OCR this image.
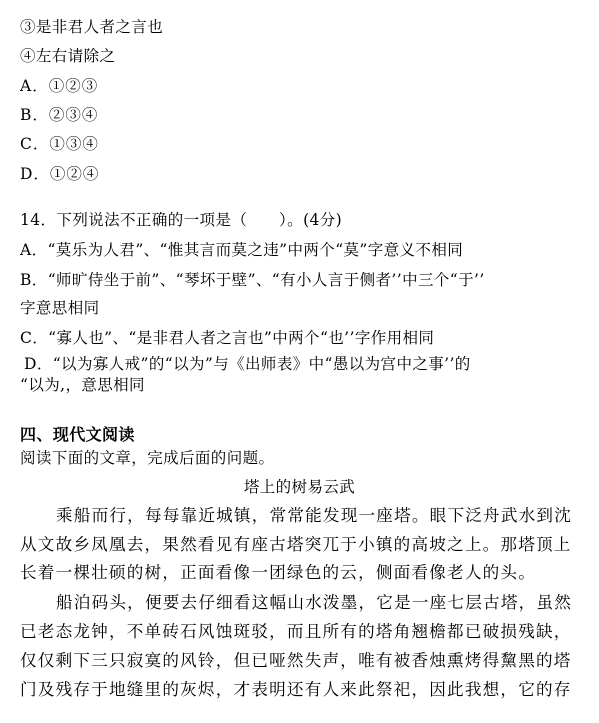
③是非君人者之言也
④左右请除之
A．①②③
B．②③④
C．①③④
D．①②④
14．下列说法不正确的一项是（　　）。(4分)
A．“莫乐为人君”、“惟其言而莫之违”中两个“莫”字意义不相同
B．“师旷侍坐于前”、“琴坏于壁”、“有小人言于侧者’’中三个“于’’
字意思相同
C．“寡人也”、“是非君人者之言也”中两个“也’’字作用相同
D．“以为寡人戒”的“以为”与《出师表》中“愚以为宫中之事’’的
“以为,，意思相同
四、现代文阅读
阅读下面的文章，完成后面的问题。
塔上的树易云武
乘船而行，每每靠近城镇，常常能发现一座塔。眼下泛舟武水到沈
从文故乡凤凰去，果然看见有座古塔突兀于小镇的高坡之上。那塔顶上
长着一棵壮硕的树，正面看像一团绿色的云，侧面看像老人的头。
船泊码头，便要去仔细看这幅山水泼墨，它是一座七层古塔，虽然
已老态龙钟，不单砖石风蚀斑驳，而且所有的塔角翘檐都已破损残缺，
仅仅剩下三只寂寞的风铃，但已哑然失声，唯有被香烛熏烤得黧黑的塔
门及残存于地缝里的灰烬，才表明还有人来此祭祀，因此我想，它的存
